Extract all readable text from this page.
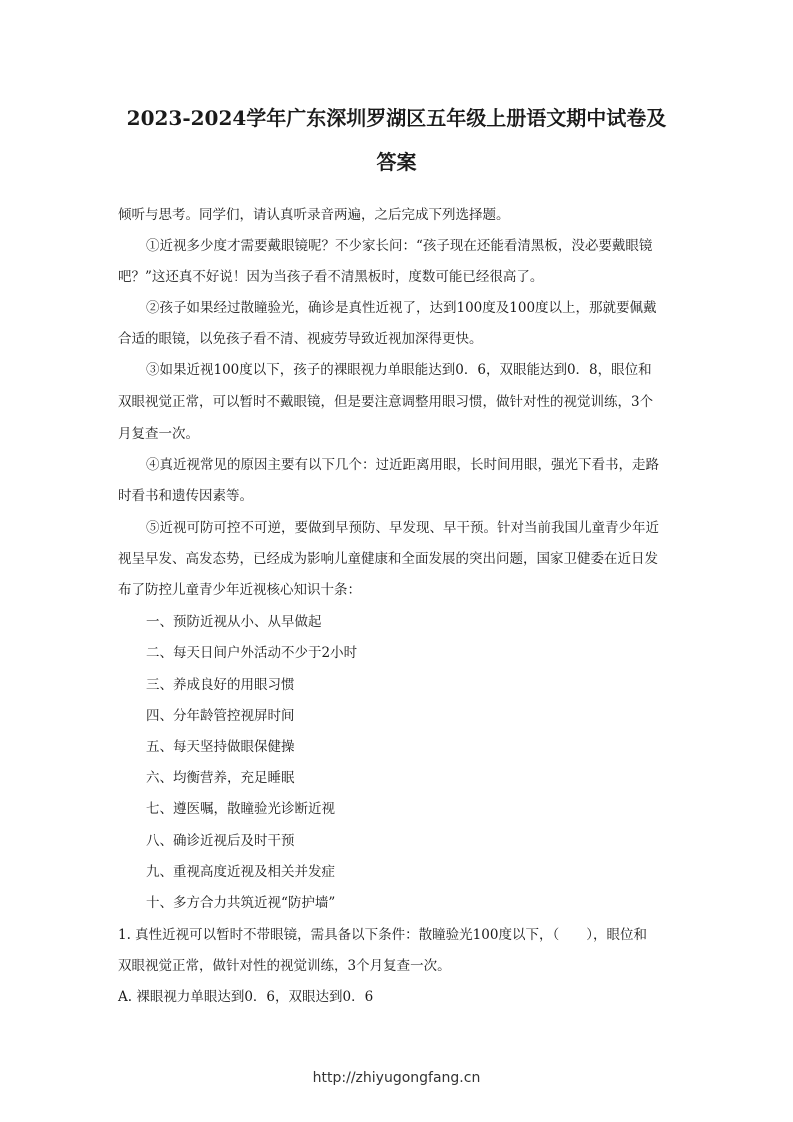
2023-2024学年广东深圳罗湖区五年级上册语文期中试卷及
答案
倾听与思考。同学们，请认真听录音两遍，之后完成下列选择题。
①近视多少度才需要戴眼镜呢？不少家长问：“孩子现在还能看清黑板，没必要戴眼镜
吧？”这还真不好说！因为当孩子看不清黑板时，度数可能已经很高了。
②孩子如果经过散瞳验光，确诊是真性近视了，达到100度及100度以上，那就要佩戴
合适的眼镜，以免孩子看不清、视疲劳导致近视加深得更快。
③如果近视100度以下，孩子的裸眼视力单眼能达到0．6，双眼能达到0．8，眼位和
双眼视觉正常，可以暂时不戴眼镜，但是要注意调整用眼习惯，做针对性的视觉训练，3个
月复查一次。
④真近视常见的原因主要有以下几个：过近距离用眼，长时间用眼，强光下看书，走路
时看书和遗传因素等。
⑤近视可防可控不可逆，要做到早预防、早发现、早干预。针对当前我国儿童青少年近
视呈早发、高发态势，已经成为影响儿童健康和全面发展的突出问题，国家卫健委在近日发
布了防控儿童青少年近视核心知识十条：
一、预防近视从小、从早做起
二、每天日间户外活动不少于2小时
三、养成良好的用眼习惯
四、分年龄管控视屏时间
五、每天坚持做眼保健操
六、均衡营养，充足睡眠
七、遵医嘱，散瞳验光诊断近视
八、确诊近视后及时干预
九、重视高度近视及相关并发症
十、多方合力共筑近视“防护墙”
1. 真性近视可以暂时不带眼镜，需具备以下条件：散瞳验光100度以下，（　　），眼位和
双眼视觉正常，做针对性的视觉训练，3个月复查一次。
A. 裸眼视力单眼达到0．6，双眼达到0．6
http://zhiyugongfang.cn
